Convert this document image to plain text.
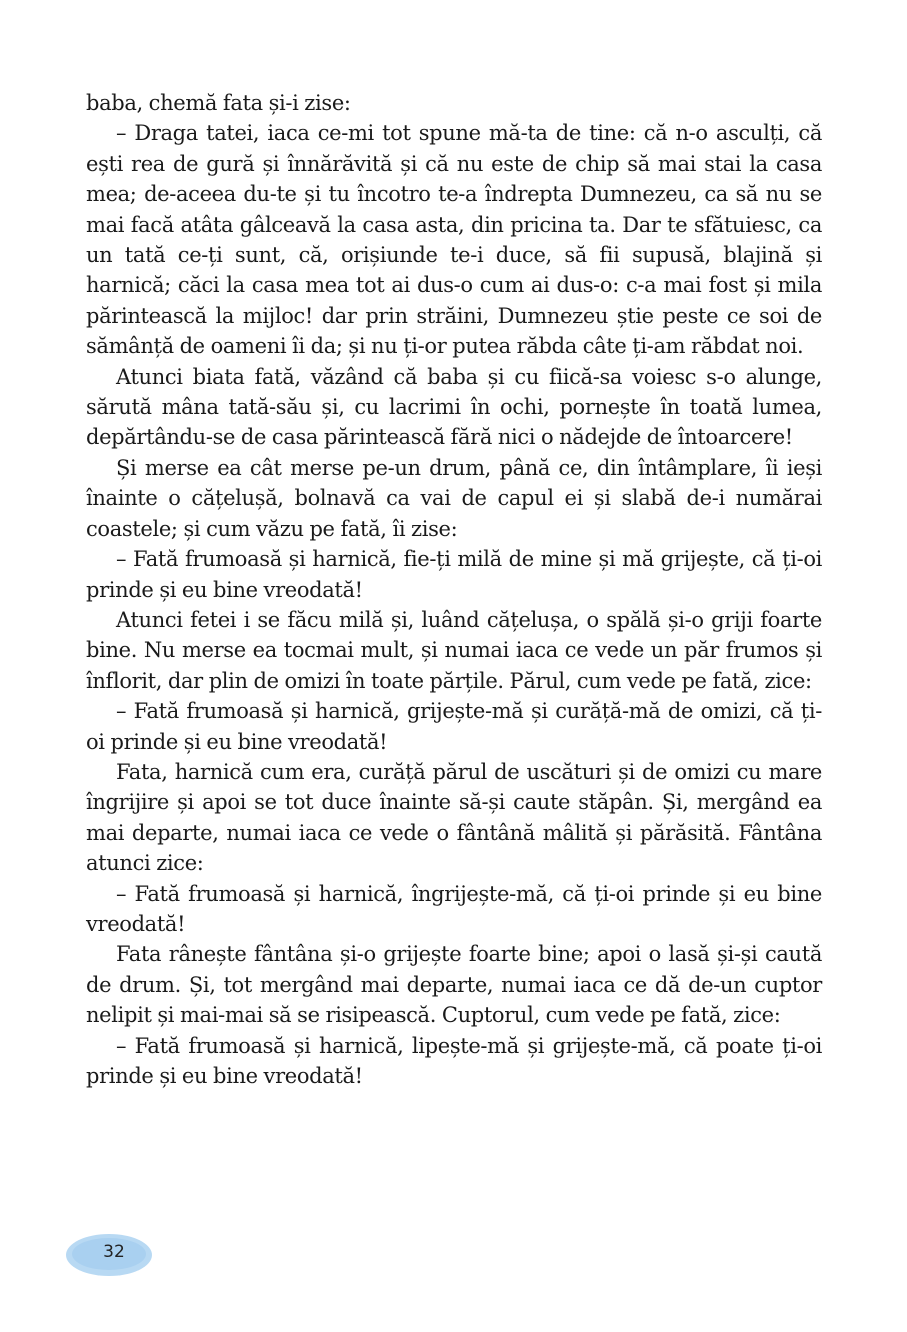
baba, chemă fata și-i zise:

– Draga tatei, iaca ce-mi tot spune mă-ta de tine: că n-o asculți, că ești rea de gură și înnărăvită și că nu este de chip să mai stai la casa mea; de-aceea du-te și tu încotro te-a îndrepta Dumnezeu, ca să nu se mai facă atâta gâlceavă la casa asta, din pricina ta. Dar te sfătuiesc, ca un tată ce-ți sunt, că, orișiunde te-i duce, să fii supusă, blajină și harnică; căci la casa mea tot ai dus-o cum ai dus-o: c-a mai fost și mila părintească la mijloc! dar prin străini, Dumnezeu știe peste ce soi de sămânță de oameni îi da; și nu ți-or putea răbda câte ți-am răbdat noi.

Atunci biata fată, văzând că baba și cu fiică-sa voiesc s-o alunge, sărută mâna tată-său și, cu lacrimi în ochi, pornește în toată lumea, depărtându-se de casa părintească fără nici o nădejde de întoarcere!

Și merse ea cât merse pe-un drum, până ce, din întâmplare, îi ieși înainte o cățelușă, bolnavă ca vai de capul ei și slabă de-i numărai coastele; și cum văzu pe fată, îi zise:

– Fată frumoasă și harnică, fie-ți milă de mine și mă grijește, că ți-oi prinde și eu bine vreodată!

Atunci fetei i se făcu milă și, luând cățelușa, o spălă și-o griji foarte bine. Nu merse ea tocmai mult, și numai iaca ce vede un păr frumos și înflorit, dar plin de omizi în toate părțile. Părul, cum vede pe fată, zice:

– Fată frumoasă și harnică, grijește-mă și curăță-mă de omizi, că ți-oi prinde și eu bine vreodată!

Fata, harnică cum era, curăță părul de uscături și de omizi cu mare îngrijire și apoi se tot duce înainte să-și caute stăpân. Și, mergând ea mai departe, numai iaca ce vede o fântână mâlită și părăsită. Fântâna atunci zice:

– Fată frumoasă și harnică, îngrijește-mă, că ți-oi prinde și eu bine vreodată!

Fata rânește fântâna și-o grijește foarte bine; apoi o lasă și-și caută de drum. Și, tot mergând mai departe, numai iaca ce dă de-un cuptor nelipit și mai-mai să se risipească. Cuptorul, cum vede pe fată, zice:

– Fată frumoasă și harnică, lipește-mă și grijește-mă, că poate ți-oi prinde și eu bine vreodată!

32
